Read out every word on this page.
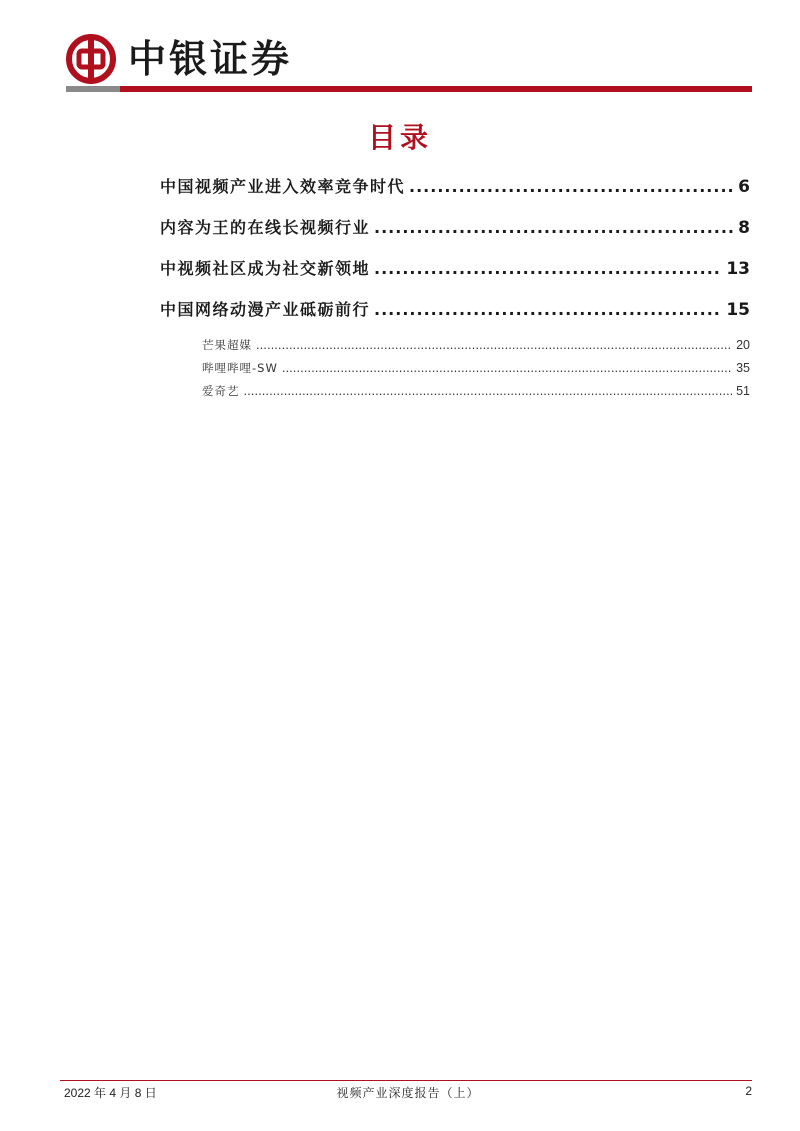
中银证券
目录
中国视频产业进入效率竞争时代 .....	6
内容为王的在线长视频行业 .....	8
中视频社区成为社交新领地 .....	13
中国网络动漫产业砥砺前行 .....	15
芒果超媒 .....	20
哔哩哔哩-SW .....	35
爱奇艺 .....	51
2022 年 4 月 8 日	视频产业深度报告（上）	2
